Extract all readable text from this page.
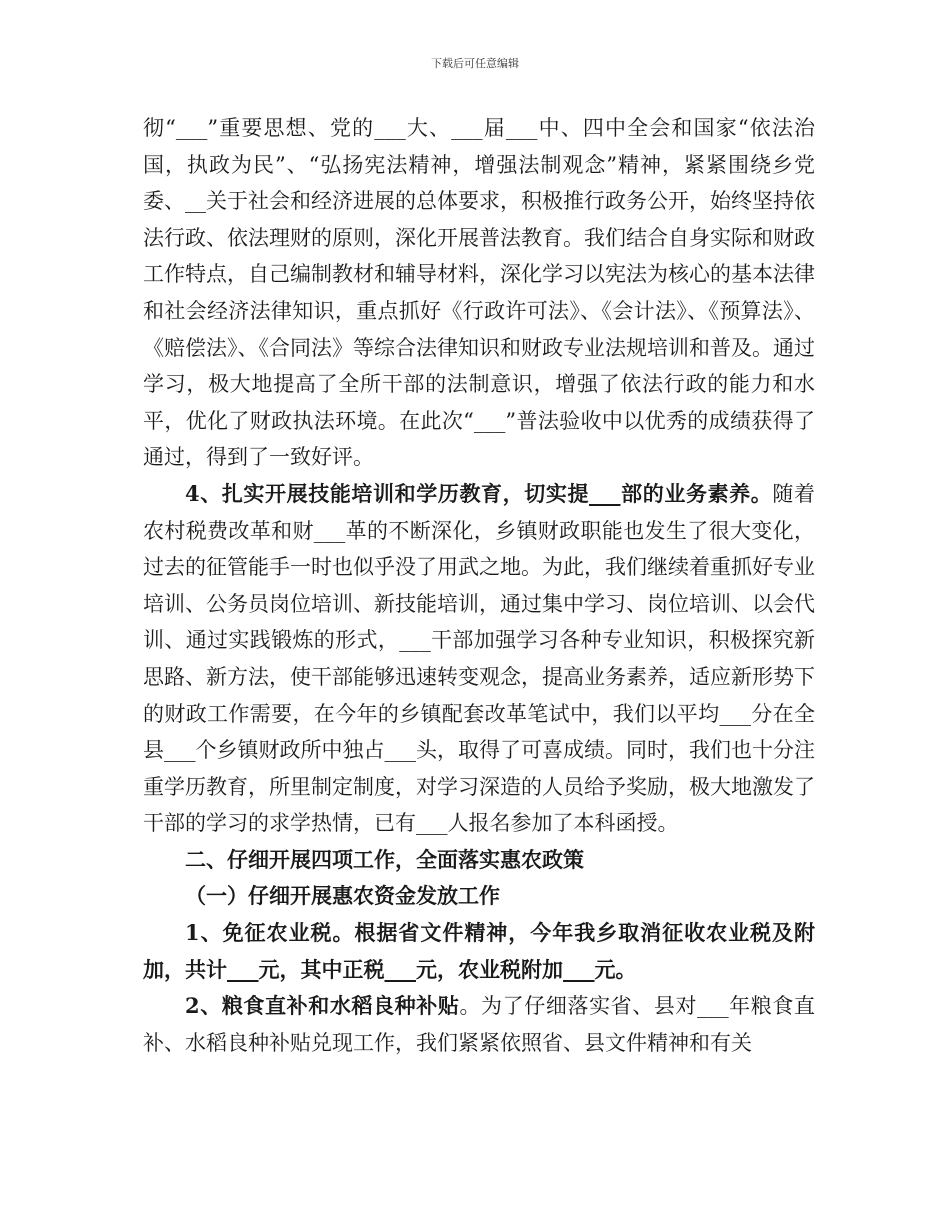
下载后可任意编辑

彻“___”重要思想、党的___大、___届___中、四中全会和国家“依法治国，执政为民”、“弘扬宪法精神，增强法制观念”精神，紧紧围绕乡党委、__关于社会和经济进展的总体要求，积极推行政务公开，始终坚持依法行政、依法理财的原则，深化开展普法教育。我们结合自身实际和财政工作特点，自己编制教材和辅导材料，深化学习以宪法为核心的基本法律和社会经济法律知识，重点抓好《行政许可法》、《会计法》、《预算法》、《赔偿法》、《合同法》等综合法律知识和财政专业法规培训和普及。通过学习，极大地提高了全所干部的法制意识，增强了依法行政的能力和水平，优化了财政执法环境。在此次“___”普法验收中以优秀的成绩获得了通过，得到了一致好评。

4、扎实开展技能培训和学历教育，切实提___部的业务素养。随着农村税费改革和财___革的不断深化，乡镇财政职能也发生了很大变化，过去的征管能手一时也似乎没了用武之地。为此，我们继续着重抓好专业培训、公务员岗位培训、新技能培训，通过集中学习、岗位培训、以会代训、通过实践锻炼的形式，___干部加强学习各种专业知识，积极探究新思路、新方法，使干部能够迅速转变观念，提高业务素养，适应新形势下的财政工作需要，在今年的乡镇配套改革笔试中，我们以平均___分在全县___个乡镇财政所中独占___头，取得了可喜成绩。同时，我们也十分注重学历教育，所里制定制度，对学习深造的人员给予奖励，极大地激发了干部的学习的求学热情，已有___人报名参加了本科函授。

二、仔细开展四项工作，全面落实惠农政策

（一）仔细开展惠农资金发放工作

1、免征农业税。根据省文件精神，今年我乡取消征收农业税及附加，共计___元，其中正税___元，农业税附加___元。

2、粮食直补和水稻良种补贴。为了仔细落实省、县对___年粮食直补、水稻良种补贴兑现工作，我们紧紧依照省、县文件精神和有关
